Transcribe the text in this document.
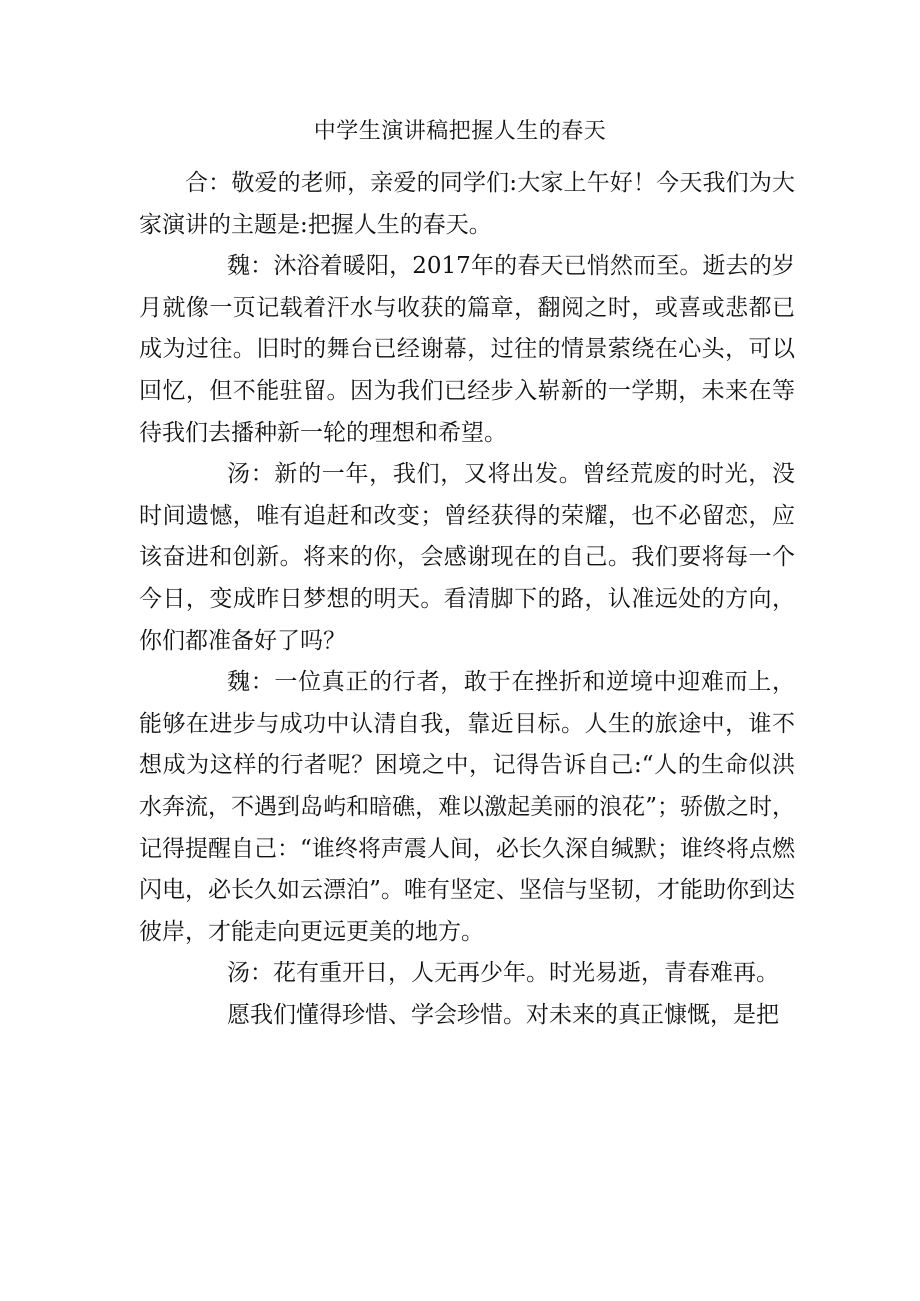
中学生演讲稿把握人生的春天

合：敬爱的老师，亲爱的同学们:大家上午好！今天我们为大家演讲的主题是:把握人生的春天。

魏：沐浴着暖阳，2017年的春天已悄然而至。逝去的岁月就像一页记载着汗水与收获的篇章，翻阅之时，或喜或悲都已成为过往。旧时的舞台已经谢幕，过往的情景萦绕在心头，可以回忆，但不能驻留。因为我们已经步入崭新的一学期，未来在等待我们去播种新一轮的理想和希望。

汤：新的一年，我们，又将出发。曾经荒废的时光，没时间遗憾，唯有追赶和改变；曾经获得的荣耀，也不必留恋，应该奋进和创新。将来的你，会感谢现在的自己。我们要将每一个今日，变成昨日梦想的明天。看清脚下的路，认准远处的方向，你们都准备好了吗？

魏：一位真正的行者，敢于在挫折和逆境中迎难而上，能够在进步与成功中认清自我，靠近目标。人生的旅途中，谁不想成为这样的行者呢？困境之中，记得告诉自己:“人的生命似洪水奔流，不遇到岛屿和暗礁，难以激起美丽的浪花”；骄傲之时，记得提醒自己：“谁终将声震人间，必长久深自缄默；谁终将点燃闪电，必长久如云漂泊”。唯有坚定、坚信与坚韧，才能助你到达彼岸，才能走向更远更美的地方。

汤：花有重开日，人无再少年。时光易逝，青春难再。

愿我们懂得珍惜、学会珍惜。对未来的真正慷慨，是把
